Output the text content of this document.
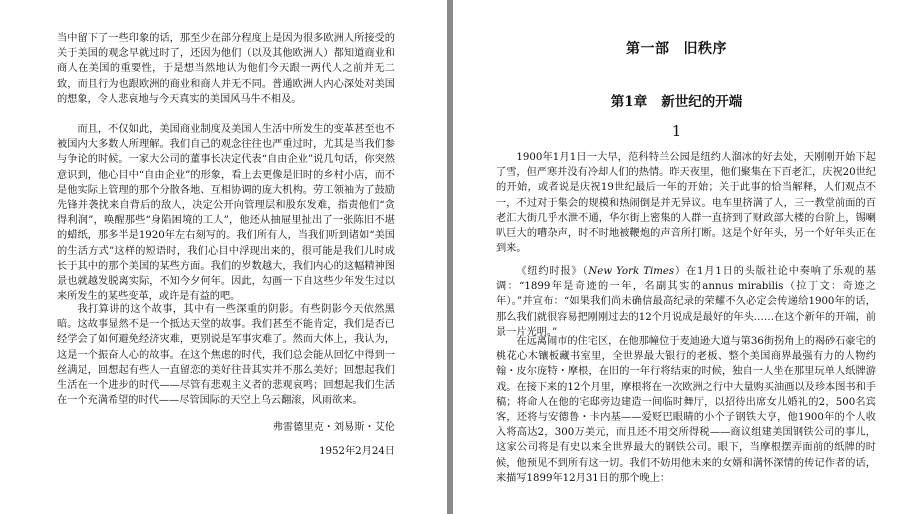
当中留下了一些印象的话，那至少在部分程度上是因为很多欧洲人所接受的关于美国的观念早就过时了，还因为他们（以及其他欧洲人）都知道商业和商人在美国的重要性，于是想当然地认为他们今天跟一两代人之前并无二致，而且行为也跟欧洲的商业和商人并无不同。普通欧洲人内心深处对美国的想象，令人悲哀地与今天真实的美国风马牛不相及。

而且，不仅如此，美国商业制度及美国人生活中所发生的变革甚至也不被国内大多数人所理解。我们自己的观念往往也严重过时，尤其是当我们参与争论的时候。一家大公司的董事长决定代表“自由企业”说几句话，你突然意识到，他心目中“自由企业”的形象，看上去更像是旧时的乡村小店，而不是他实际上管理的那个分散各地、互相协调的庞大机构。劳工领袖为了鼓励先锋并袭扰来自背后的敌人，决定公开向管理层和股东发难，指责他们“贪得利润”，唤醒那些“身陷困境的工人”，他还从抽屉里扯出了一张陈旧不堪的蜡纸，那多半是1920年左右刻写的。我们所有人，当我们听到诸如“美国的生活方式”这样的短语时，我们心目中浮现出来的，很可能是我们儿时成长于其中的那个美国的某些方面。我们的岁数越大，我们内心的这幅精神图景也就越发脱离实际，不知今夕何年。因此，勾画一下自这些少年发生过以来所发生的某些变革，或许是有益的吧。

我打算讲的这个故事，其中有一些深重的阴影。有些阴影今天依然黑暗。这故事显然不是一个抵达天堂的故事。我们甚至不能肯定，我们是否已经学会了如何避免经济灾难，更别说是军事灾难了。然而大体上，我认为，这是一个振奋人心的故事。在这个焦虑的时代，我们总会能从回忆中得到一丝满足，回想起有些人一直留恋的美好往昔其实并不那么美好；回想起我们生活在一个进步的时代——尽管有悲观主义者的悲观哀鸣；回想起我们生活在一个充满希望的时代——尽管国际的天空上乌云翻滚，风雨欲来。

弗雷德里克・刘易斯・艾伦
1952年2月24日
第一部 旧秩序
第1章 新世纪的开端
1

1900年1月1日一大早，范科特兰公园是纽约人溜冰的好去处，天刚刚开始下起了雪，但严寒并没有冷却人们的热情。昨天夜里，他们聚集在下百老汇，庆祝20世纪的开始，或者说是庆祝19世纪最后一年的开始；关于此事的恰当解释，人们观点不一，不过对于集会的规模和热闹倒是并无异议。电车里挤满了人，三一教堂前面的百老汇大街几乎水泄不通，华尔街上密集的人群一直挤到了财政部大楼的台阶上，锡喇叭巨大的嘈杂声，时不时地被鞭炮的声音所打断。这是个好年头，另一个好年头正在到来。

《纽约时报》（New York Times）在1月1日的头版社论中奏响了乐观的基调：“1899年是奇迹的一年，名副其实的annus mirabilis（拉丁文：奇迹之年）。”并宣布：“如果我们尚未确信最高纪录的荣耀不久必定会传递给1900年的话，那么我们就很容易把刚刚过去的12个月说成是最好的年头……在这个新年的开端，前景一片光明。”

在远离闹市的住宅区，在他那幢位于麦迪逊大道与第36街拐角上的褐砂石豪宅的桃花心木镶板藏书室里，全世界最大银行的老板、整个美国商界最强有力的人物约翰・皮尔庞特・摩根，在旧的一年行将结束的时候，独自一人坐在那里玩单人纸牌游戏。在接下来的12个月里，摩根将在一次欧洲之行中大量购买油画以及珍本图书和手稿；将命人在他的宅邸旁边建造一间临时舞厅，以招待出席女儿婚礼的2，500名宾客，还将与安德鲁・卡内基——爱贬巴眼睛的小个子钢铁大亨，他1900年的个人收入将高达2，300万美元，而且还不用交所得税——商议组建美国钢铁公司的事儿，这家公司将是有史以来全世界最大的钢铁公司。眼下，当摩根摆弄面前的纸牌的时候，他预见不到所有这一切。我们不妨用他未来的女婿和满怀深情的传记作者的话，来描写1899年12月31日的那个晚上：
